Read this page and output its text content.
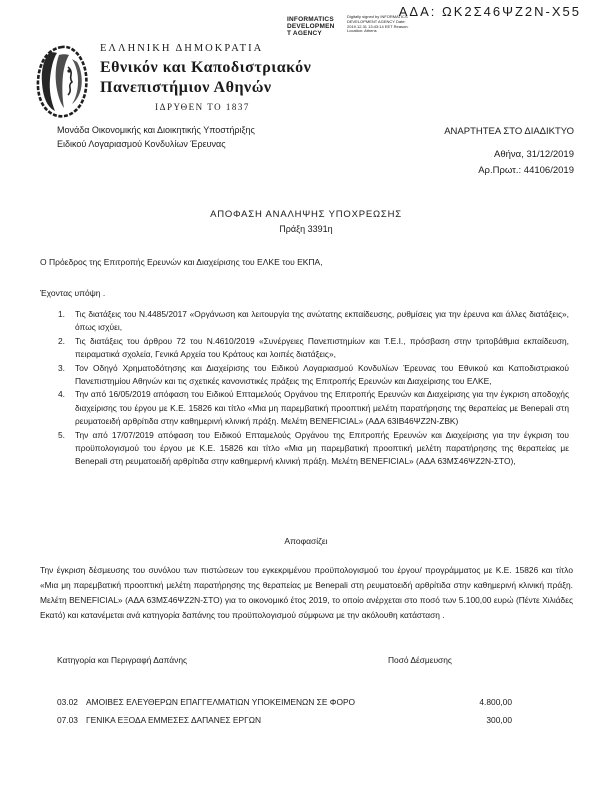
ΑΔΑ: ΩΚ2Σ46ΨΖ2Ν-Χ55
INFORMATICS
DEVELOPMEN
T AGENCY
Digitally signed by INFORMATICS DEVELOPMENT AGENCY Date: 2019.12.31 13:43:14 EET Reason: Location: Athens
ΕΛΛΗΝΙΚΗ ΔΗΜΟΚΡΑΤΙΑ
Εθνικόν και Καποδιστριακόν
Πανεπιστήμιον Αθηνών
ΙΔΡΥΘΕΝ ΤΟ 1837
Μονάδα Οικονομικής και Διοικητικής Υποστήριξης
Ειδικού Λογαριασμού Κονδυλίων Έρευνας
ΑΝΑΡΤΗΤΕΑ ΣΤΟ ΔΙΑΔΙΚΤΥΟ
Αθήνα, 31/12/2019
Αρ.Πρωτ.: 44106/2019
ΑΠΟΦΑΣΗ ΑΝΑΛΗΨΗΣ ΥΠΟΧΡΕΩΣΗΣ
Πράξη 3391η
Ο Πρόεδρος της Επιτροπής Ερευνών και Διαχείρισης του ΕΛΚΕ του ΕΚΠΑ,
Έχοντας υπόψη .
1. Τις διατάξεις του Ν.4485/2017 «Οργάνωση και λειτουργία της ανώτατης εκπαίδευσης, ρυθμίσεις για την έρευνα και άλλες διατάξεις», όπως ισχύει,
2. Τις διατάξεις του άρθρου 72 του Ν.4610/2019 «Συνέργειες Πανεπιστημίων και Τ.Ε.Ι., πρόσβαση στην τριτοβάθμια εκπαίδευση, πειραματικά σχολεία, Γενικά Αρχεία του Κράτους και λοιπές διατάξεις»,
3. Τον Οδηγό Χρηματοδότησης και Διαχείρισης του Ειδικού Λογαριασμού Κονδυλίων Έρευνας του Εθνικού και Καποδιστριακού Πανεπιστημίου Αθηνών και τις σχετικές κανονιστικές πράξεις της Επιτροπής Ερευνών και Διαχείρισης του ΕΛΚΕ,
4. Την από 16/05/2019 απόφαση του Ειδικού Επταμελούς Οργάνου της Επιτροπής Ερευνών και Διαχείρισης για την έγκριση αποδοχής διαχείρισης του έργου με Κ.Ε. 15826 και τίτλο «Μια μη παρεμβατική προοπτική μελέτη παρατήρησης της θεραπείας με Benepali στη ρευματοειδή αρθρίτιδα στην καθημερινή κλινική πράξη. Μελέτη BENEFICIAL» (ΑΔΑ 63ΙΒ46ΨΖ2Ν-ΖΒΚ)
5. Την από 17/07/2019 απόφαση του Ειδικού Επταμελούς Οργάνου της Επιτροπής Ερευνών και Διαχείρισης για την έγκριση του προϋπολογισμού του έργου με Κ.Ε. 15826 και τίτλο «Μια μη παρεμβατική προοπτική μελέτη παρατήρησης της θεραπείας με Benepali στη ρευματοειδή αρθρίτιδα στην καθημερινή κλινική πράξη. Μελέτη BENEFICIAL» (ΑΔΑ 63ΜΣ46ΨΖ2Ν-ΣΤΟ),
Αποφασίζει
Την έγκριση δέσμευσης του συνόλου των πιστώσεων του εγκεκριμένου προϋπολογισμού του έργου/ προγράμματος με Κ.Ε. 15826 και τίτλο «Μια μη παρεμβατική προοπτική μελέτη παρατήρησης της θεραπείας με Benepali στη ρευματοειδή αρθρίτιδα στην καθημερινή κλινική πράξη. Μελέτη BENEFICIAL» (ΑΔΑ 63ΜΣ46ΨΖ2Ν-ΣΤΟ) για το οικονομικό έτος 2019, το οποίο ανέρχεται στο ποσό των 5.100,00 ευρώ (Πέντε Χιλιάδες Εκατό) και κατανέμεται ανά κατηγορία δαπάνης του προϋπολογισμού σύμφωνα με την ακόλουθη κατάσταση .
Κατηγορία και Περιγραφή Δαπάνης	Ποσό Δέσμευσης
03.02 ΑΜΟΙΒΕΣ ΕΛΕΥΘΕΡΩΝ ΕΠΑΓΓΕΛΜΑΤΙΩΝ ΥΠΟΚΕΙΜΕΝΩΝ ΣΕ ΦΟΡΟ	4.800,00
07.03 ΓΕΝΙΚΑ ΕΞΟΔΑ ΕΜΜΕΣΕΣ ΔΑΠΑΝΕΣ ΕΡΓΩΝ	300,00
